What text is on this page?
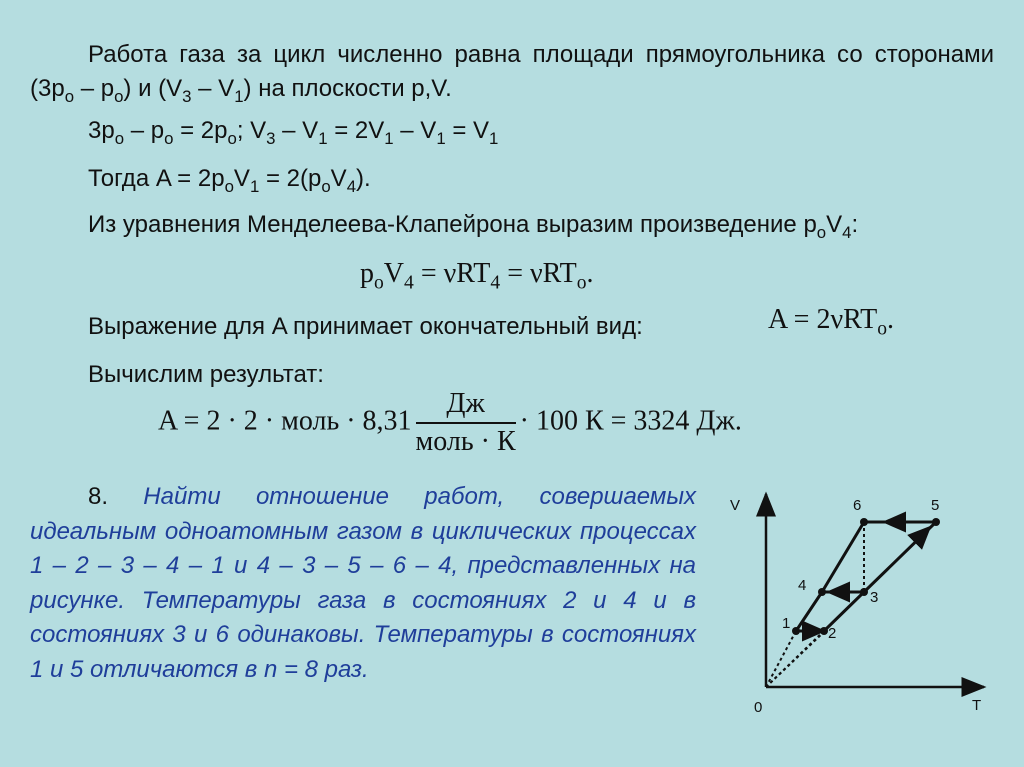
Работа газа за цикл численно равна площади прямоугольника со сторонами $(3p_o - p_o)$ и $(V_3 - V_1)$ на плоскости p,V.
$3p_o - p_o = 2p_o$; $V_3 - V_1 = 2V_1 - V_1 = V_1$
Тогда $A = 2p_oV_1 = 2(p_oV_4)$.
Из уравнения Менделеева-Клапейрона выразим произведение $p_oV_4$:
$p_oV_4 = \nu RT_4 = \nu RT_o$.
Выражение для A принимает окончательный вид:	A = 2νRT$_o$.
Вычислим результат:
A = 2 · 2 · моль · $8,31 \frac{Дж}{\text{моль · К}} \cdot 100$ К = 3324 Дж.
8. Найти отношение работ, совершаемых идеальным одноатомным газом в циклических процессах 1 – 2 – 3 – 4 – 1 и 4 – 3 – 5 – 6 – 4, представленных на рисунке. Температуры газа в состояниях 2 и 4 и в состояниях 3 и 6 одинаковы. Температуры в состояниях 1 и 5 отличаются в n = 8 раз.
V
T
0
1
2
3
4
5
6
